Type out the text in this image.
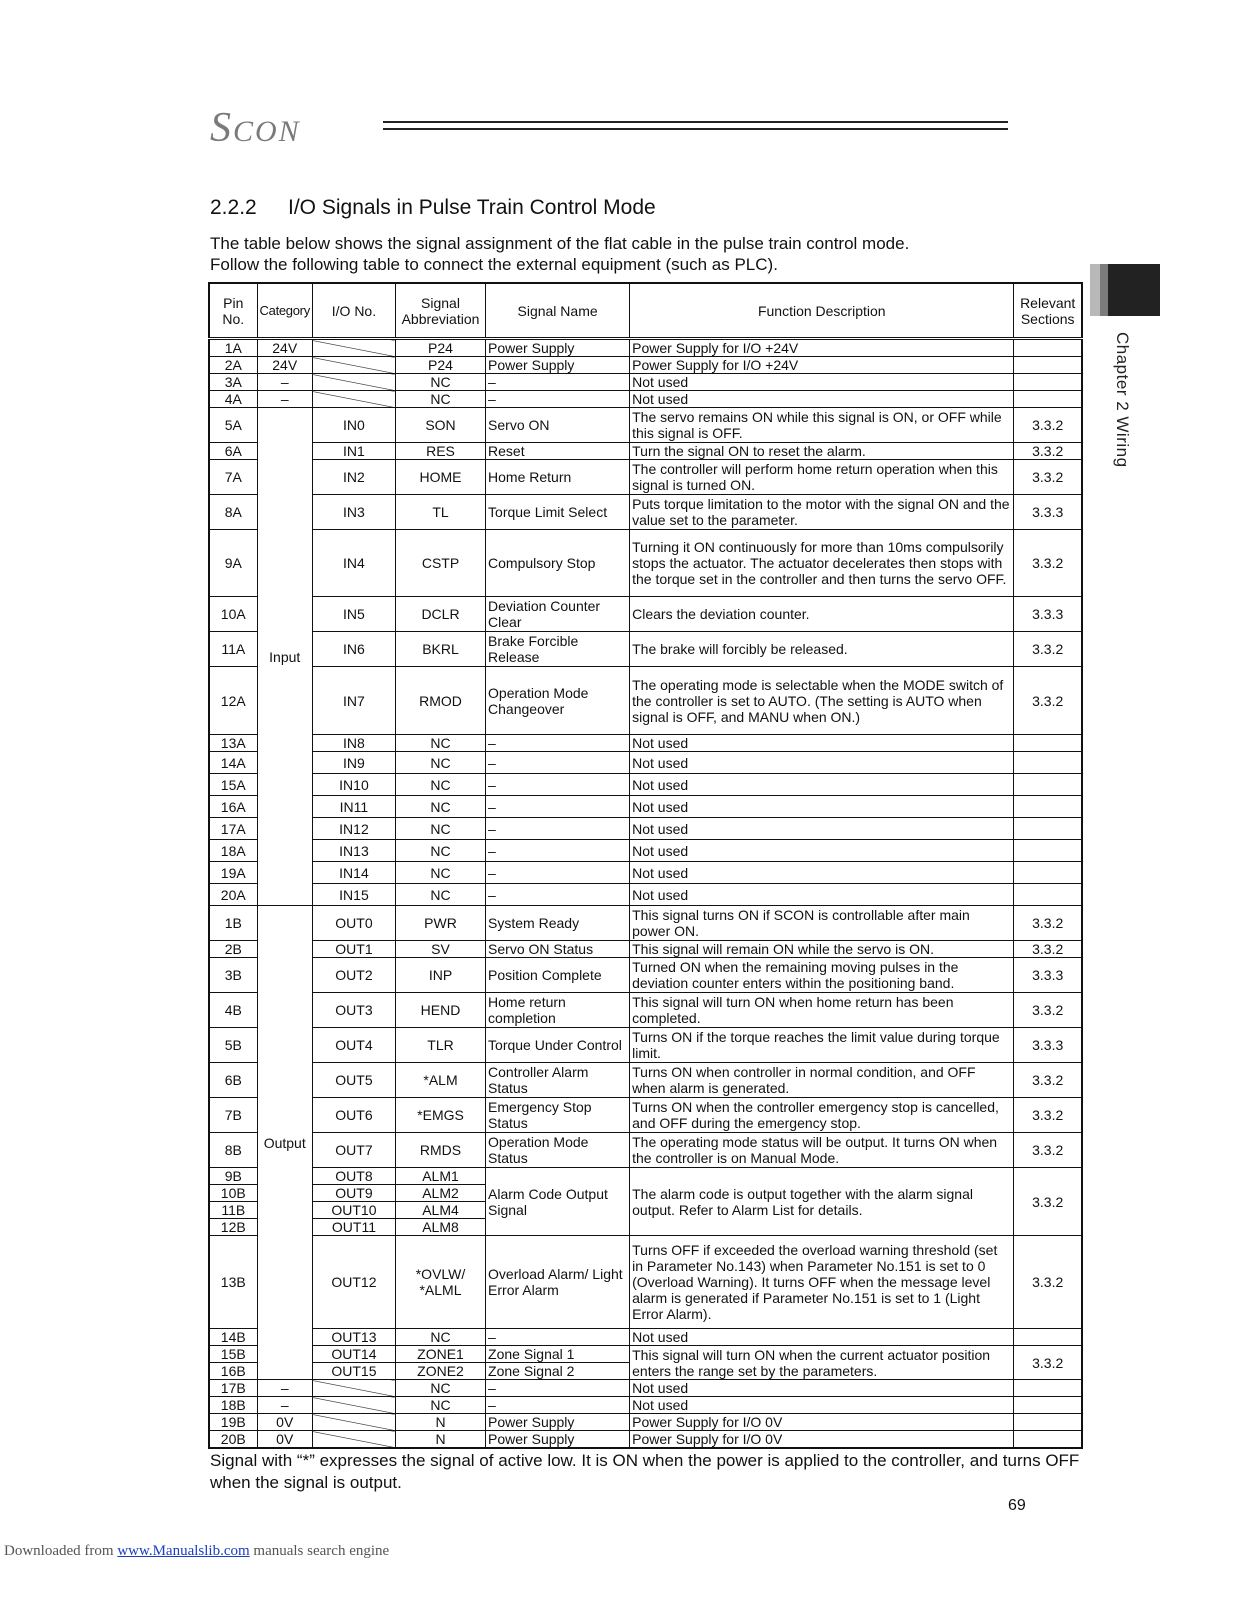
SCON
2.2.2 I/O Signals in Pulse Train Control Mode
The table below shows the signal assignment of the flat cable in the pulse train control mode.
Follow the following table to connect the external equipment (such as PLC).
Chapter 2 Wiring
Pin
No.	Category	I/O No.	Signal
Abbreviation	Signal Name	Function Description	Relevant
Sections
1A	24V		P24	Power Supply	Power Supply for I/O +24V	
2A	24V		P24	Power Supply	Power Supply for I/O +24V	
3A	–		NC	–	Not used	
4A	–		NC	–	Not used	
5A	Input	IN0	SON	Servo ON	The servo remains ON while this signal is ON, or OFF while this signal is OFF.	3.3.2
6A		IN1	RES	Reset	Turn the signal ON to reset the alarm.	3.3.2
7A		IN2	HOME	Home Return	The controller will perform home return operation when this signal is turned ON.	3.3.2
8A		IN3	TL	Torque Limit Select	Puts torque limitation to the motor with the signal ON and the value set to the parameter.	3.3.3
9A		IN4	CSTP	Compulsory Stop	Turning it ON continuously for more than 10ms compulsorily stops the actuator. The actuator decelerates then stops with the torque set in the controller and then turns the servo OFF.	3.3.2
10A		IN5	DCLR	Deviation Counter Clear	Clears the deviation counter.	3.3.3
11A		IN6	BKRL	Brake Forcible Release	The brake will forcibly be released.	3.3.2
12A		IN7	RMOD	Operation Mode Changeover	The operating mode is selectable when the MODE switch of the controller is set to AUTO. (The setting is AUTO when signal is OFF, and MANU when ON.)	3.3.2
13A		IN8	NC	–	Not used	
14A		IN9	NC	–	Not used	
15A		IN10	NC	–	Not used	
16A		IN11	NC	–	Not used	
17A		IN12	NC	–	Not used	
18A		IN13	NC	–	Not used	
19A		IN14	NC	–	Not used	
20A		IN15	NC	–	Not used	
1B	Output	OUT0	PWR	System Ready	This signal turns ON if SCON is controllable after main power ON.	3.3.2
2B		OUT1	SV	Servo ON Status	This signal will remain ON while the servo is ON.	3.3.2
3B		OUT2	INP	Position Complete	Turned ON when the remaining moving pulses in the deviation counter enters within the positioning band.	3.3.3
4B		OUT3	HEND	Home return completion	This signal will turn ON when home return has been completed.	3.3.2
5B		OUT4	TLR	Torque Under Control	Turns ON if the torque reaches the limit value during torque limit.	3.3.3
6B		OUT5	*ALM	Controller Alarm Status	Turns ON when controller in normal condition, and OFF when alarm is generated.	3.3.2
7B		OUT6	*EMGS	Emergency Stop Status	Turns ON when the controller emergency stop is cancelled, and OFF during the emergency stop.	3.3.2
8B		OUT7	RMDS	Operation Mode Status	The operating mode status will be output. It turns ON when the controller is on Manual Mode.	3.3.2
9B		OUT8	ALM1	Alarm Code Output Signal	The alarm code is output together with the alarm signal output. Refer to Alarm List for details.	3.3.2
10B		OUT9	ALM2			
11B		OUT10	ALM4			
12B		OUT11	ALM8			
13B		OUT12	*OVLW/ *ALML	Overload Alarm/ Light Error Alarm	Turns OFF if exceeded the overload warning threshold (set in Parameter No.143) when Parameter No.151 is set to 0 (Overload Warning). It turns OFF when the message level alarm is generated if Parameter No.151 is set to 1 (Light Error Alarm).	3.3.2
14B		OUT13	NC	–	Not used	
15B		OUT14	ZONE1	Zone Signal 1	This signal will turn ON when the current actuator position enters the range set by the parameters.	3.3.2
16B		OUT15	ZONE2	Zone Signal 2		
17B	–		NC	–	Not used	
18B	–		NC	–	Not used	
19B	0V		N	Power Supply	Power Supply for I/O 0V	
20B	0V		N	Power Supply	Power Supply for I/O 0V	
Signal with “*” expresses the signal of active low. It is ON when the power is applied to the controller, and turns OFF when the signal is output.
69
Downloaded from www.Manualslib.com manuals search engine
